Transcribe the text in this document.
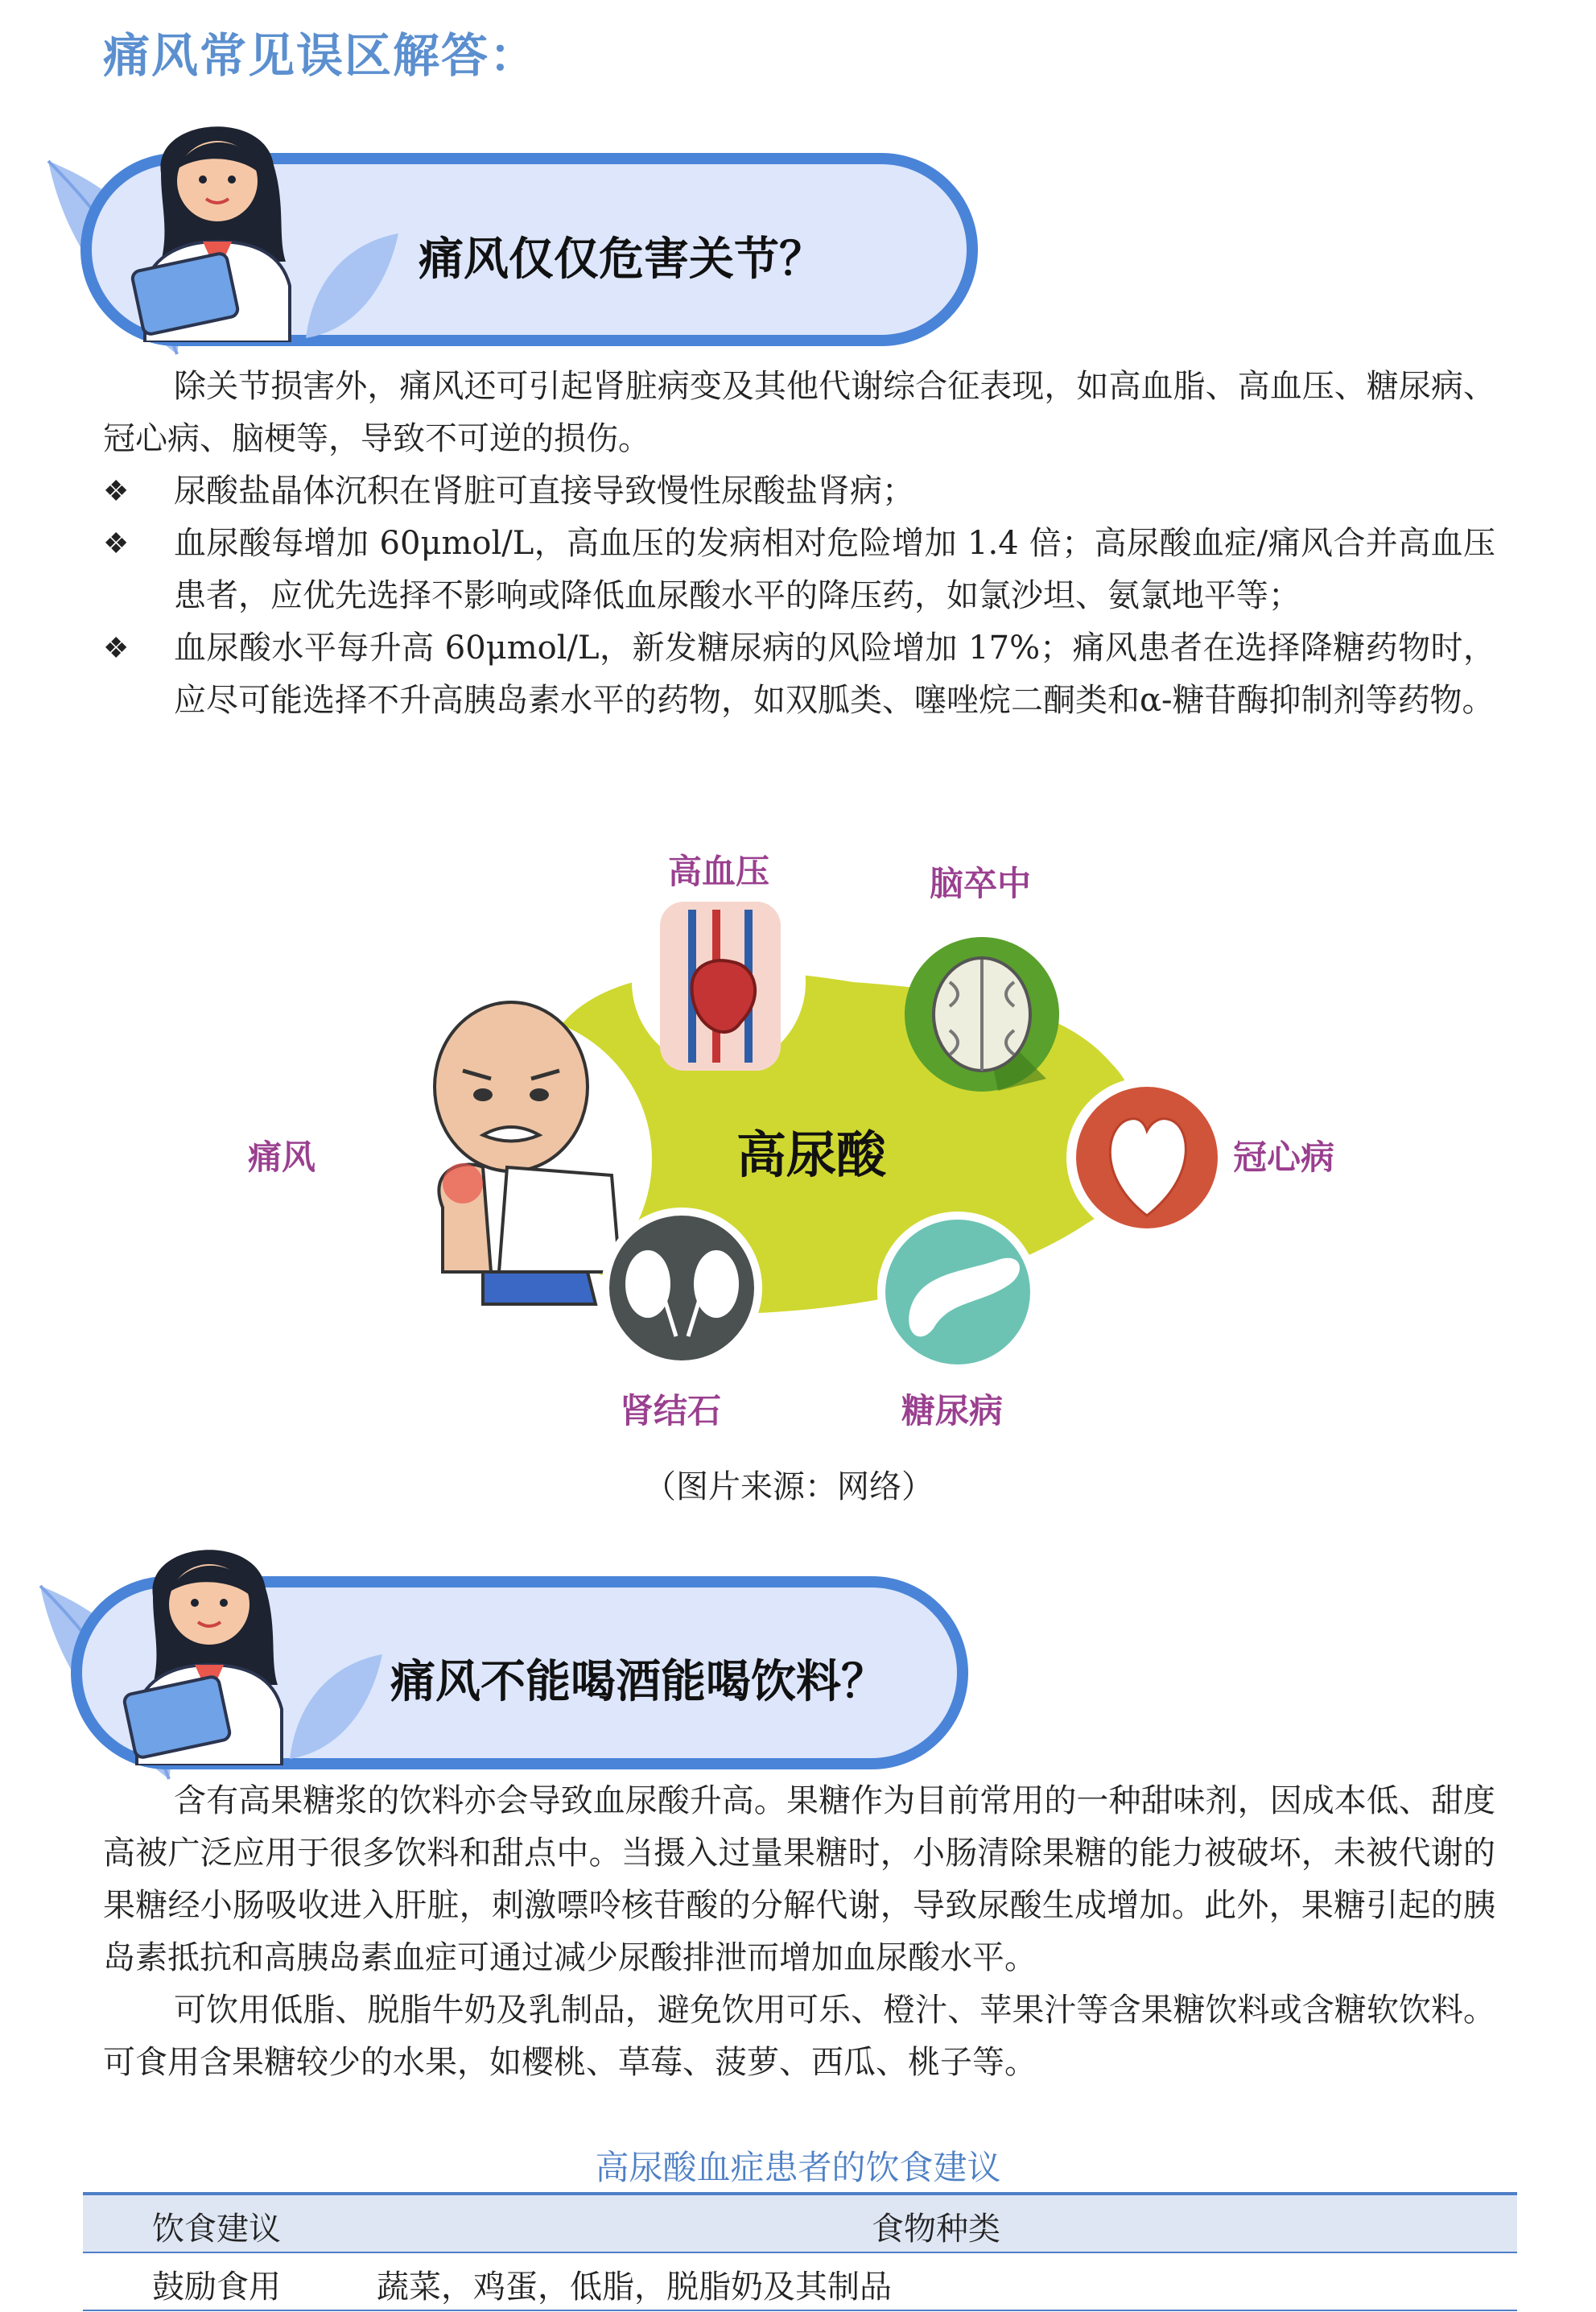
痛风常见误区解答：
痛风仅仅危害关节？
除关节损害外，痛风还可引起肾脏病变及其他代谢综合征表现，如高血脂、高血压、糖尿病、冠心病、脑梗等，导致不可逆的损伤。
❖ 尿酸盐晶体沉积在肾脏可直接导致慢性尿酸盐肾病；
❖ 血尿酸每增加 60μmol/L，高血压的发病相对危险增加 1.4 倍；高尿酸血症/痛风合并高血压患者，应优先选择不影响或降低血尿酸水平的降压药，如氯沙坦、氨氯地平等；
❖ 血尿酸水平每升高 60μmol/L，新发糖尿病的风险增加 17%；痛风患者在选择降糖药物时，应尽可能选择不升高胰岛素水平的药物，如双胍类、噻唑烷二酮类和α-糖苷酶抑制剂等药物。
高血压	脑卒中
痛风	冠心病
肾结石	糖尿病
高尿酸
（图片来源：网络）
痛风不能喝酒能喝饮料？
含有高果糖浆的饮料亦会导致血尿酸升高。果糖作为目前常用的一种甜味剂，因成本低、甜度高被广泛应用于很多饮料和甜点中。当摄入过量果糖时，小肠清除果糖的能力被破坏，未被代谢的果糖经小肠吸收进入肝脏，刺激嘌呤核苷酸的分解代谢，导致尿酸生成增加。此外，果糖引起的胰岛素抵抗和高胰岛素血症可通过减少尿酸排泄而增加血尿酸水平。
可饮用低脂、脱脂牛奶及乳制品，避免饮用可乐、橙汁、苹果汁等含果糖饮料或含糖软饮料。可食用含果糖较少的水果，如樱桃、草莓、菠萝、西瓜、桃子等。
高尿酸血症患者的饮食建议
饮食建议	食物种类
鼓励食用	蔬菜，鸡蛋，低脂，脱脂奶及其制品
